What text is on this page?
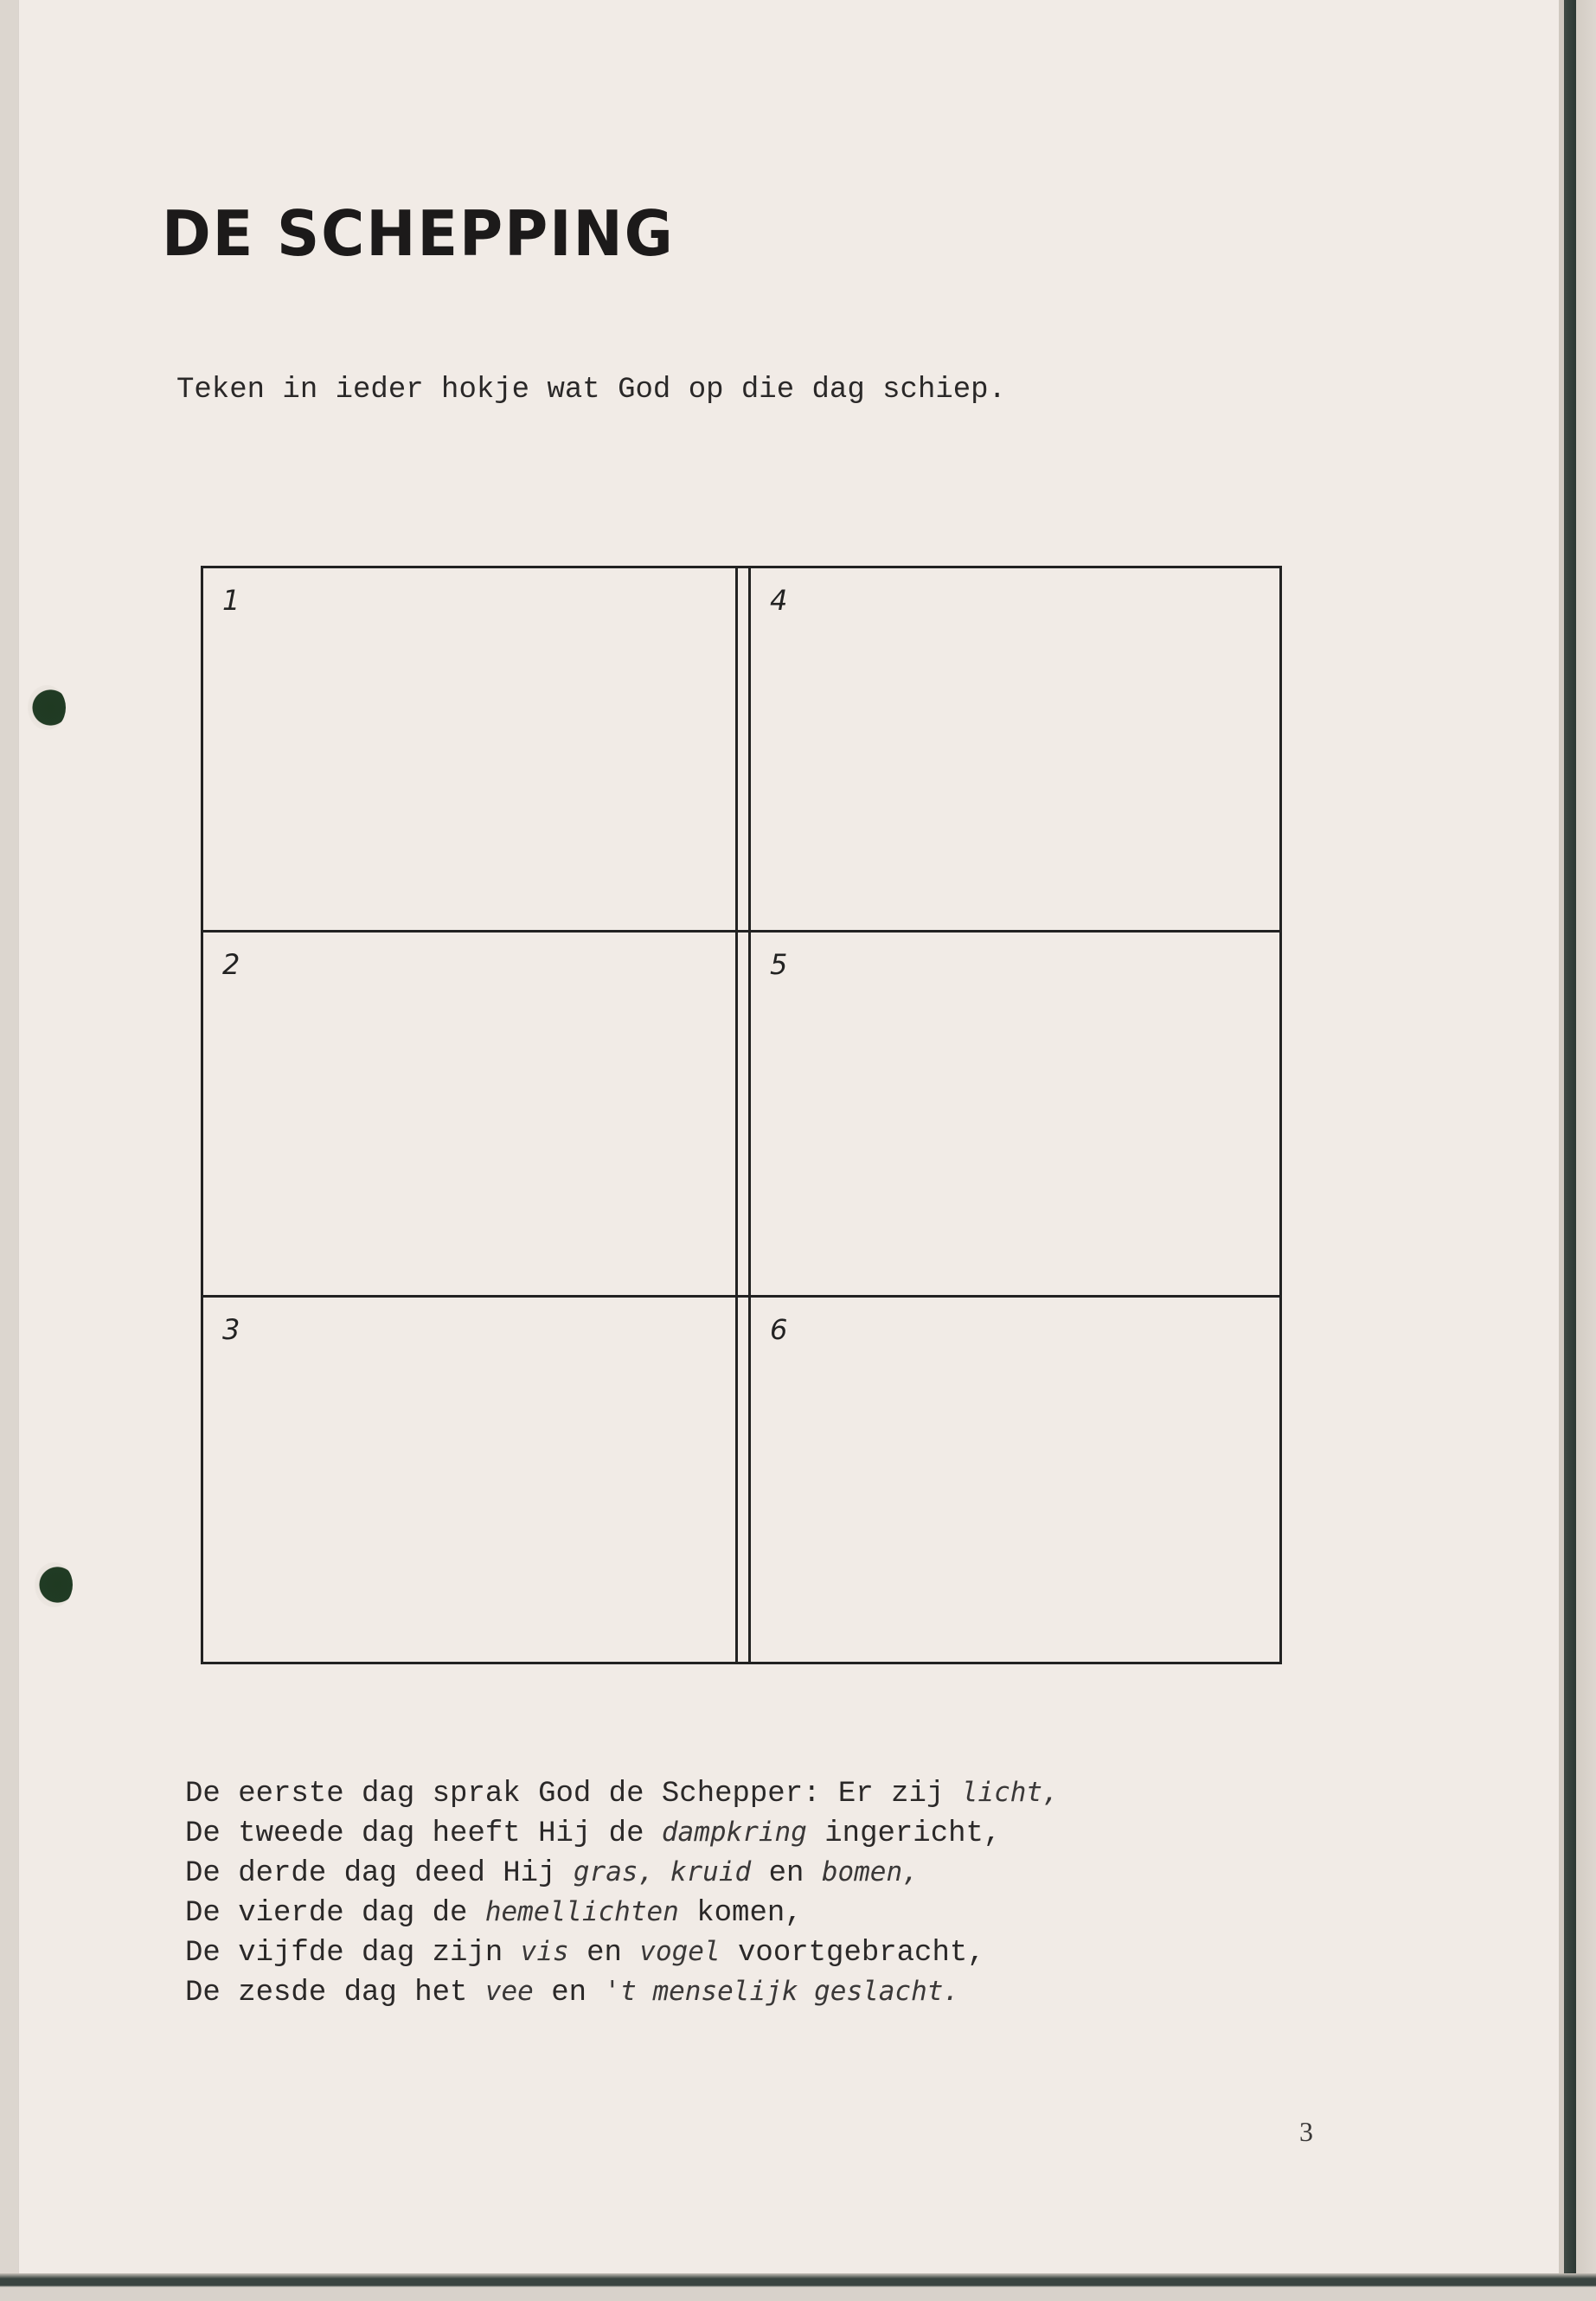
DE SCHEPPING

Teken in ieder hokje wat God op die dag schiep.

1
2
3
4
5
6
De eerste dag sprak God de Schepper: Er zij licht,
De tweede dag heeft Hij de dampkring ingericht,
De derde dag deed Hij gras, kruid en bomen,
De vierde dag de hemellichten komen,
De vijfde dag zijn vis en vogel voortgebracht,
De zesde dag het vee en 't menselijk geslacht.
3
